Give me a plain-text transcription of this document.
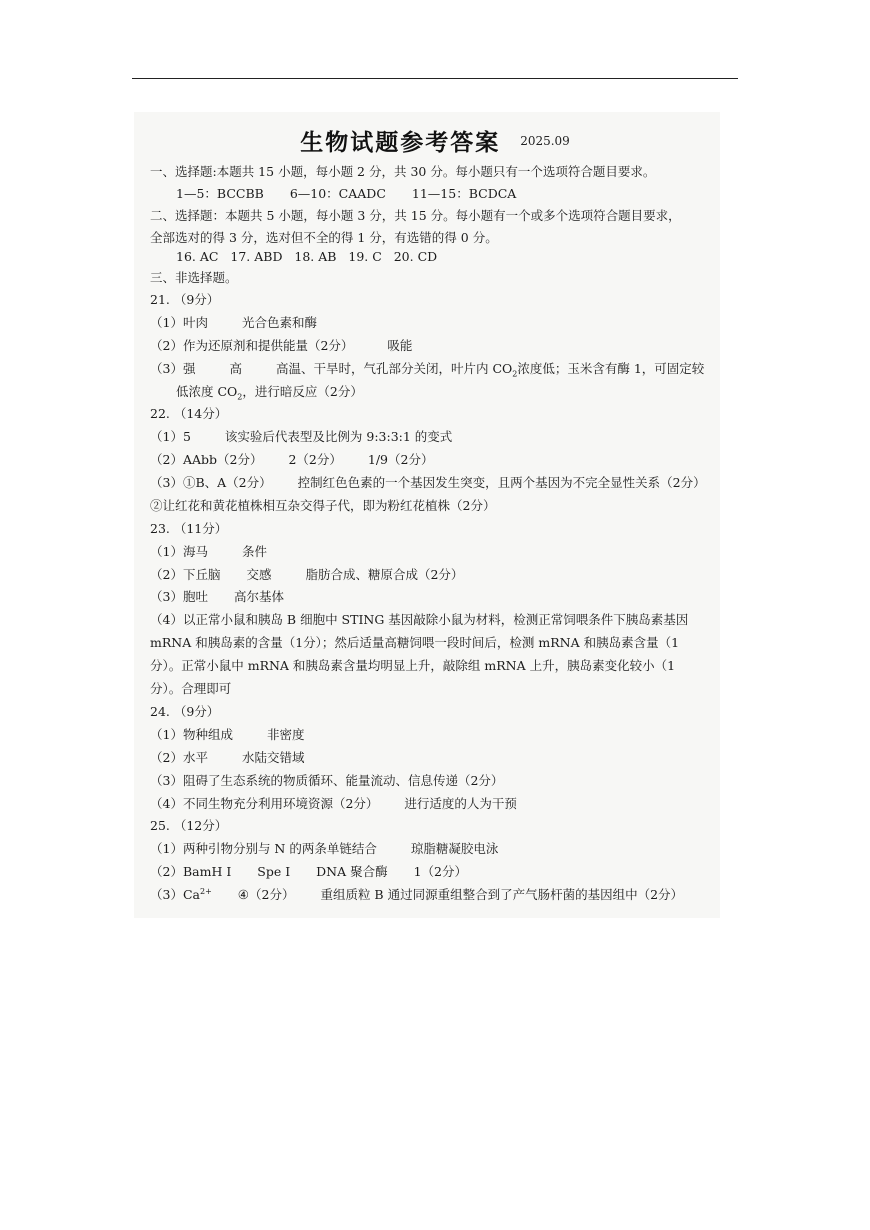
生物试题参考答案 $^{2025.09}$
一、选择题:本题共 15 小题，每小题 2 分，共 30 分。每小题只有一个选项符合题目要求。
1—5：BCCBB 6—10：CAADC 11—15：BCDCA
二、选择题：本题共 5 小题，每小题 3 分，共 15 分。每小题有一个或多个选项符合题目要求，
全部选对的得 3 分，选对但不全的得 1 分，有选错的得 0 分。
16. AC 17. ABD 18. AB 19. C 20. CD
三、非选择题。
21. （9分）
（1）叶肉	光合色素和酶
（2）作为还原剂和提供能量（2分）	吸能
（3）强	高	高温、干旱时，气孔部分关闭，叶片内 $CO_2$浓度低；玉米含有酶 1，可固定较
低浓度 $CO_2$，进行暗反应（2分）
22. （14分）
（1）5	该实验后代表型及比例为 9:3:3:1 的变式
（2）AAbb（2分） 2（2分） 1/9（2分）
（3）①B、A（2分） 控制红色色素的一个基因发生突变，且两个基因为不完全显性关系（2分）
②让红花和黄花植株相互杂交得子代，即为粉红花植株（2分）
23. （11分）
（1）海马	条件
（2）下丘脑 交感	脂肪合成、糖原合成（2分）
（3）胞吐 高尔基体
（4）以正常小鼠和胰岛 B 细胞中 STING 基因敲除小鼠为材料，检测正常饲喂条件下胰岛素基因
mRNA 和胰岛素的含量（1分）；然后适量高糖饲喂一段时间后，检测 mRNA 和胰岛素含量（1
分）。正常小鼠中 mRNA 和胰岛素含量均明显上升，敲除组 mRNA 上升，胰岛素变化较小（1
分）。合理即可
24. （9分）
（1）物种组成	非密度
（2）水平	水陆交错域
（3）阻碍了生态系统的物质循环、能量流动、信息传递（2分）
（4）不同生物充分利用环境资源（2分） 进行适度的人为干预
25. （12分）
（1）两种引物分别与 N 的两条单链结合	琼脂糖凝胶电泳
（2）BamH I Spe I DNA 聚合酶 1（2分）
$(3)Ca^{2+}$ ④（2分） 重组质粒 B 通过同源重组整合到了产气肠杆菌的基因组中（2分）
